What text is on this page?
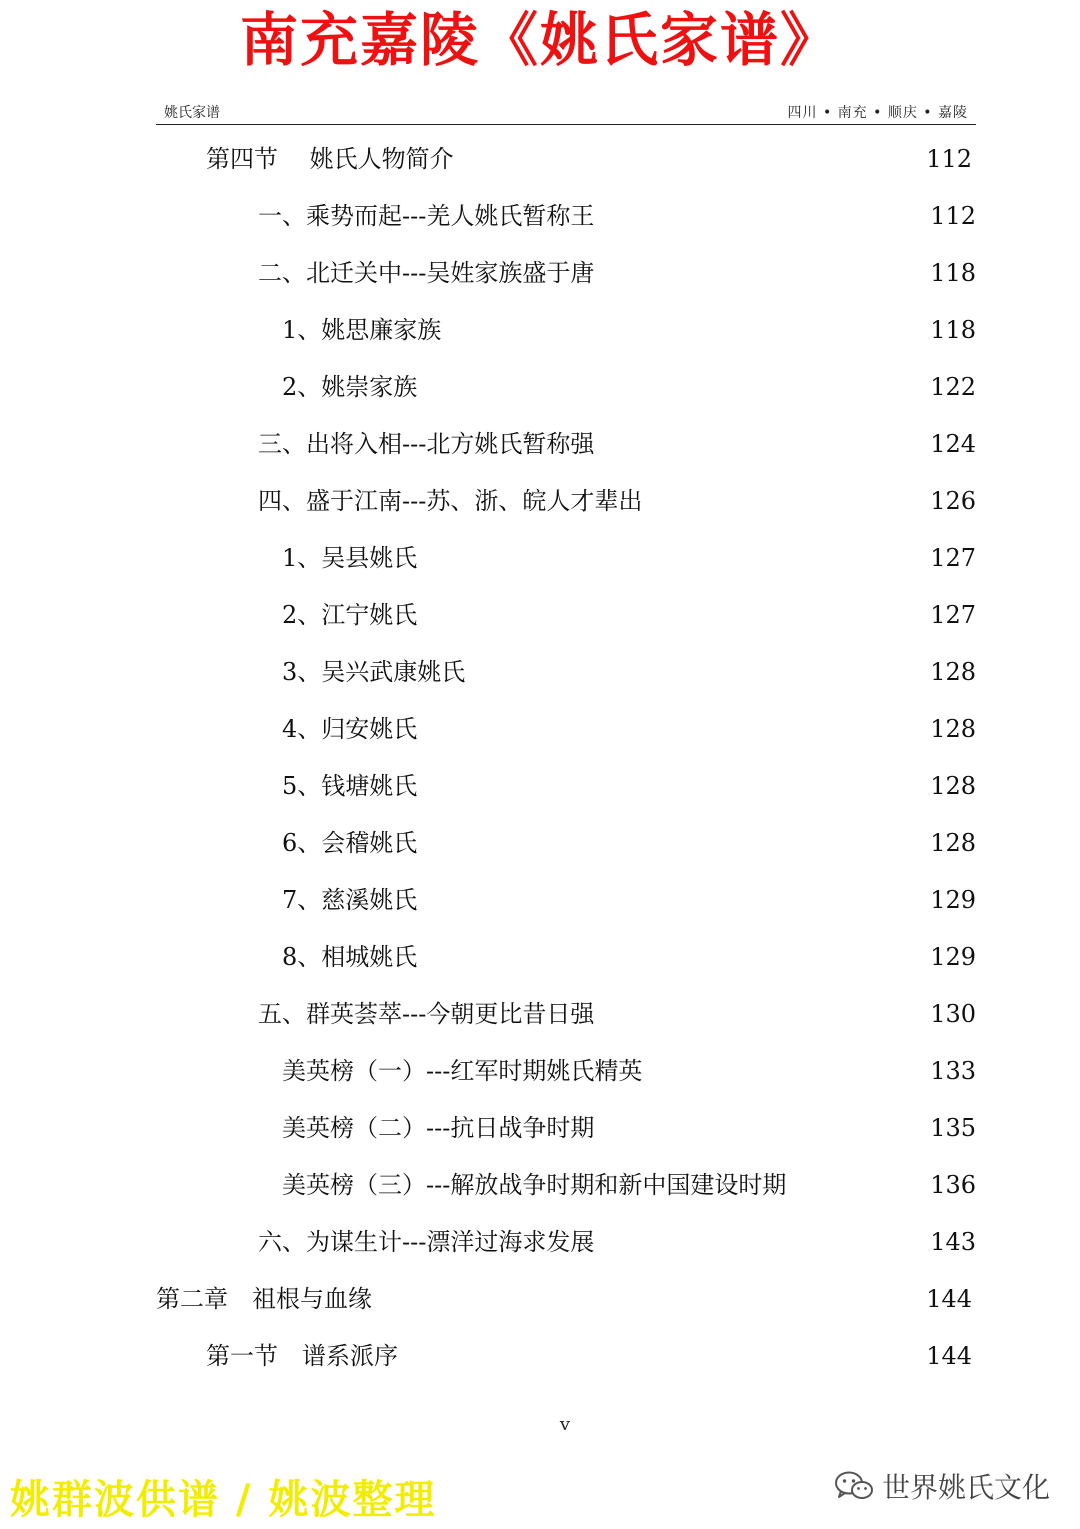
南充嘉陵《姚氏家谱》
姚氏家谱	四川 • 南充 • 顺庆 • 嘉陵
第四节　 姚氏人物简介	112
一、乘势而起---羌人姚氏暂称王	112
二、北迁关中---吴姓家族盛于唐	118
1、姚思廉家族	118
2、姚崇家族	122
三、出将入相---北方姚氏暂称强	124
四、盛于江南---苏、浙、皖人才辈出	126
1、吴县姚氏	127
2、江宁姚氏	127
3、吴兴武康姚氏	128
4、归安姚氏	128
5、钱塘姚氏	128
6、会稽姚氏	128
7、慈溪姚氏	129
8、相城姚氏	129
五、群英荟萃---今朝更比昔日强	130
美英榜（一）---红军时期姚氏精英	133
美英榜（二）---抗日战争时期	135
美英榜（三）---解放战争时期和新中国建设时期	136
六、为谋生计---漂洋过海求发展	143
第二章　祖根与血缘	144
第一节　谱系派序	144
v
姚群波供谱 / 姚波整理	世界姚氏文化
